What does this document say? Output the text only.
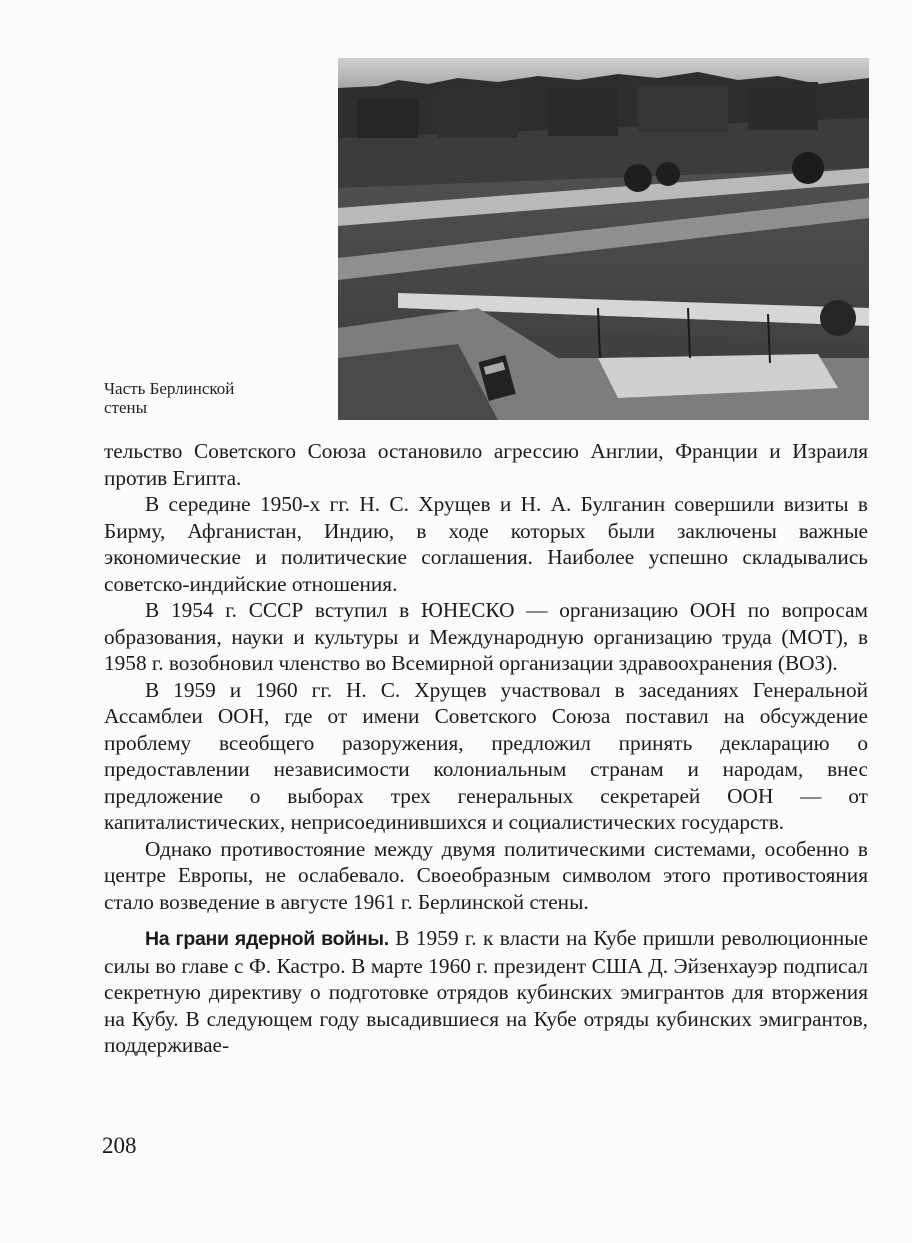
Часть Берлинской
стены

тельство Советского Союза остановило агрессию Англии, Франции и Израиля против Египта.

В середине 1950-х гг. Н. С. Хрущев и Н. А. Булганин совершили визиты в Бирму, Афганистан, Индию, в ходе которых были заключены важные экономические и политические соглашения. Наиболее успешно складывались советско-индийские отношения.

В 1954 г. СССР вступил в ЮНЕСКО — организацию ООН по вопросам образования, науки и культуры и Международную организацию труда (МОТ), в 1958 г. возобновил членство во Всемирной организации здравоохранения (ВОЗ).

В 1959 и 1960 гг. Н. С. Хрущев участвовал в заседаниях Генеральной Ассамблеи ООН, где от имени Советского Союза поставил на обсуждение проблему всеобщего разоружения, предложил принять декларацию о предоставлении независимости колониальным странам и народам, внес предложение о выборах трех генеральных секретарей ООН — от капиталистических, неприсоединившихся и социалистических государств.

Однако противостояние между двумя политическими системами, особенно в центре Европы, не ослабевало. Своеобразным символом этого противостояния стало возведение в августе 1961 г. Берлинской стены.

На грани ядерной войны. В 1959 г. к власти на Кубе пришли революционные силы во главе с Ф. Кастро. В марте 1960 г. президент США Д. Эйзенхауэр подписал секретную директиву о подготовке отрядов кубинских эмигрантов для вторжения на Кубу. В следующем году высадившиеся на Кубе отряды кубинских эмигрантов, поддерживае-

208
